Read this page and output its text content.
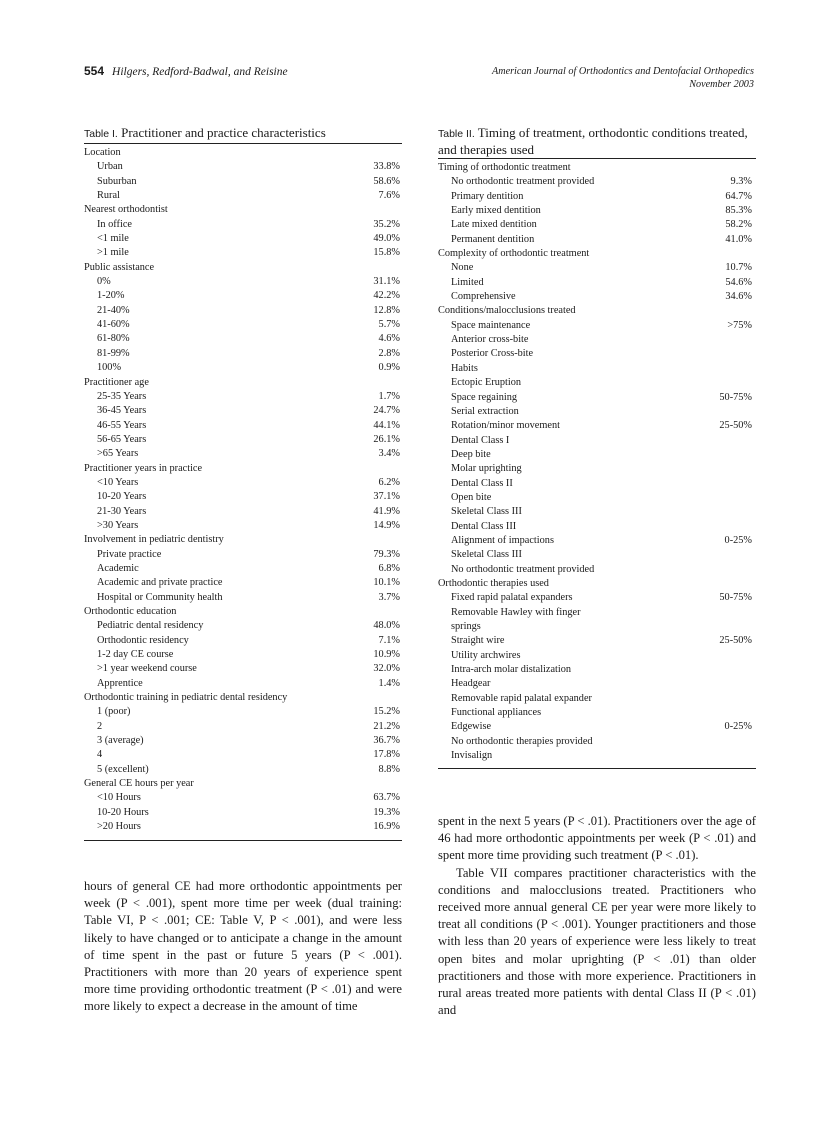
554 Hilgers, Redford-Badwal, and Reisine	American Journal of Orthodontics and Dentofacial Orthopedics
November 2003
Table I. Practitioner and practice characteristics
Location
Urban	33.8%
Suburban	58.6%
Rural	7.6%
Nearest orthodontist
In office	35.2%
<1 mile	49.0%
>1 mile	15.8%
Public assistance
0%	31.1%
1-20%	42.2%
21-40%	12.8%
41-60%	5.7%
61-80%	4.6%
81-99%	2.8%
100%	0.9%
Practitioner age
25-35 Years	1.7%
36-45 Years	24.7%
46-55 Years	44.1%
56-65 Years	26.1%
>65 Years	3.4%
Practitioner years in practice
<10 Years	6.2%
10-20 Years	37.1%
21-30 Years	41.9%
>30 Years	14.9%
Involvement in pediatric dentistry
Private practice	79.3%
Academic	6.8%
Academic and private practice	10.1%
Hospital or Community health	3.7%
Orthodontic education
Pediatric dental residency	48.0%
Orthodontic residency	7.1%
1-2 day CE course	10.9%
>1 year weekend course	32.0%
Apprentice	1.4%
Orthodontic training in pediatric dental residency
1 (poor)	15.2%
2	21.2%
3 (average)	36.7%
4	17.8%
5 (excellent)	8.8%
General CE hours per year
<10 Hours	63.7%
10-20 Hours	19.3%
>20 Hours	16.9%
Table II. Timing of treatment, orthodontic conditions treated, and therapies used
Timing of orthodontic treatment
No orthodontic treatment provided	9.3%
Primary dentition	64.7%
Early mixed dentition	85.3%
Late mixed dentition	58.2%
Permanent dentition	41.0%
Complexity of orthodontic treatment
None	10.7%
Limited	54.6%
Comprehensive	34.6%
Conditions/malocclusions treated
Space maintenance	>75%
Anterior cross-bite
Posterior Cross-bite
Habits
Ectopic Eruption
Space regaining	50-75%
Serial extraction
Rotation/minor movement	25-50%
Dental Class I
Deep bite
Molar uprighting
Dental Class II
Open bite
Skeletal Class III
Dental Class III
Alignment of impactions	0-25%
Skeletal Class III
No orthodontic treatment provided
Orthodontic therapies used
Fixed rapid palatal expanders	50-75%
Removable Hawley with finger
springs
Straight wire	25-50%
Utility archwires
Intra-arch molar distalization
Headgear
Removable rapid palatal expander
Functional appliances
Edgewise	0-25%
No orthodontic therapies provided
Invisalign

hours of general CE had more orthodontic appointments per week (P < .001), spent more time per week (dual training: Table VI, P < .001; CE: Table V, P < .001), and were less likely to have changed or to anticipate a change in the amount of time spent in the past or future 5 years (P < .001). Practitioners with more than 20 years of experience spent more time providing orthodontic treatment (P < .01) and were more likely to expect a decrease in the amount of time

spent in the next 5 years (P < .01). Practitioners over the age of 46 had more orthodontic appointments per week (P < .01) and spent more time providing such treatment (P < .01).

Table VII compares practitioner characteristics with the conditions and malocclusions treated. Practitioners who received more annual general CE per year were more likely to treat all conditions (P < .001). Younger practitioners and those with less than 20 years of experience were less likely to treat open bites and molar uprighting (P < .01) than older practitioners and those with more experience. Practitioners in rural areas treated more patients with dental Class II (P < .01) and
